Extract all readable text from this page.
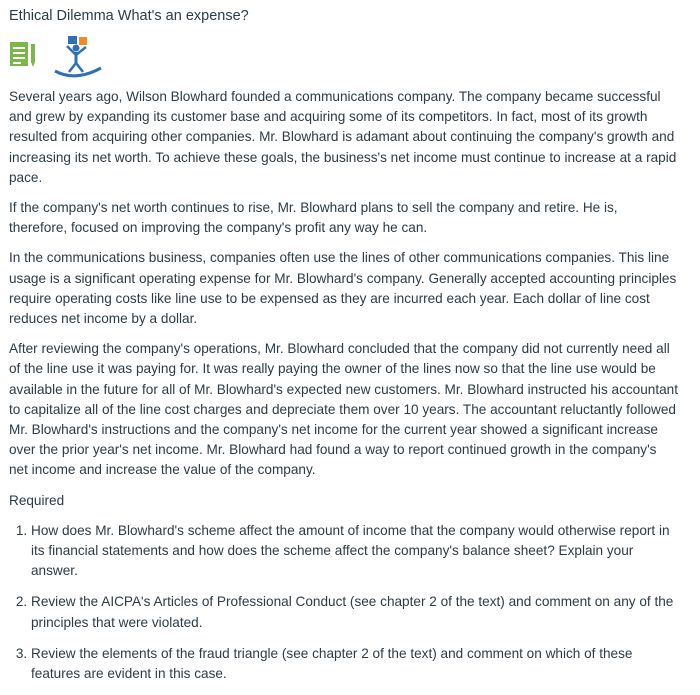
Ethical Dilemma What's an expense?

Several years ago, Wilson Blowhard founded a communications company. The company became successful and grew by expanding its customer base and acquiring some of its competitors. In fact, most of its growth resulted from acquiring other companies. Mr. Blowhard is adamant about continuing the company's growth and increasing its net worth. To achieve these goals, the business's net income must continue to increase at a rapid pace.

If the company's net worth continues to rise, Mr. Blowhard plans to sell the company and retire. He is, therefore, focused on improving the company's profit any way he can.

In the communications business, companies often use the lines of other communications companies. This line usage is a significant operating expense for Mr. Blowhard's company. Generally accepted accounting principles require operating costs like line use to be expensed as they are incurred each year. Each dollar of line cost reduces net income by a dollar.

After reviewing the company's operations, Mr. Blowhard concluded that the company did not currently need all of the line use it was paying for. It was really paying the owner of the lines now so that the line use would be available in the future for all of Mr. Blowhard's expected new customers. Mr. Blowhard instructed his accountant to capitalize all of the line cost charges and depreciate them over 10 years. The accountant reluctantly followed Mr. Blowhard's instructions and the company's net income for the current year showed a significant increase over the prior year's net income. Mr. Blowhard had found a way to report continued growth in the company's net income and increase the value of the company.

Required
1. How does Mr. Blowhard's scheme affect the amount of income that the company would otherwise report in its financial statements and how does the scheme affect the company's balance sheet? Explain your answer.
2. Review the AICPA's Articles of Professional Conduct (see chapter 2 of the text) and comment on any of the principles that were violated.
3. Review the elements of the fraud triangle (see chapter 2 of the text) and comment on which of these features are evident in this case.
